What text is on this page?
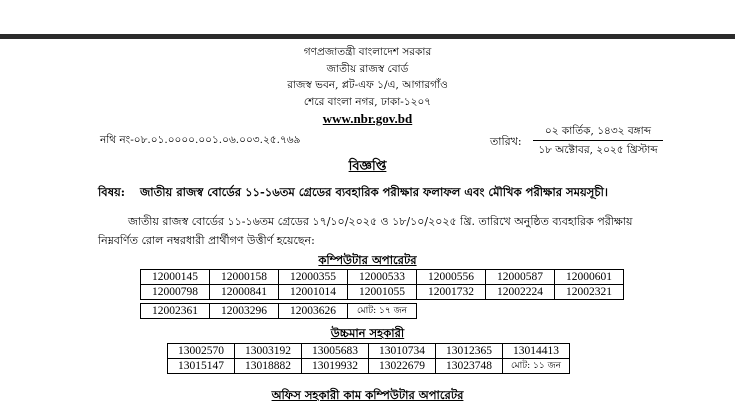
গণপ্রজাতন্ত্রী বাংলাদেশ সরকার
জাতীয় রাজস্ব বোর্ড
রাজস্ব ভবন, প্লট-এফ ১/এ, আগারগাঁও
শেরে বাংলা নগর, ঢাকা-১২০৭
www.nbr.gov.bd
নথি নং-০৮.০১.০০০০.০০১.০৬.০০৩.২৫.৭৬৯	তারিখ:
০২ কার্তিক, ১৪৩২ বঙ্গাব্দ
১৮ অক্টোবর, ২০২৫ খ্রিস্টাব্দ
বিজ্ঞপ্তি
বিষয়: জাতীয় রাজস্ব বোর্ডের ১১-১৬তম গ্রেডের ব্যবহারিক পরীক্ষার ফলাফল এবং মৌখিক পরীক্ষার সময়সূচী।
জাতীয় রাজস্ব বোর্ডের ১১-১৬তম গ্রেডের ১৭/১০/২০২৫ ও ১৮/১০/২০২৫ খ্রি. তারিখে অনুষ্ঠিত ব্যবহারিক পরীক্ষায়
নিম্নবর্ণিত রোল নম্বরধারী প্রার্থীগণ উত্তীর্ণ হয়েছেন:
কম্পিউটার অপারেটর
12000145	12000158	12000355	12000533	12000556	12000587	12000601
12000798	12000841	12001014	12001055	12001732	12002224	12002321
12002361	12003296	12003626	মোট: ১৭ জন
উচ্চমান সহকারী
13002570	13003192	13005683	13010734	13012365	13014413
13015147	13018882	13019932	13022679	13023748	মোট: ১১ জন
অফিস সহকারী কাম কম্পিউটার অপারেটর
